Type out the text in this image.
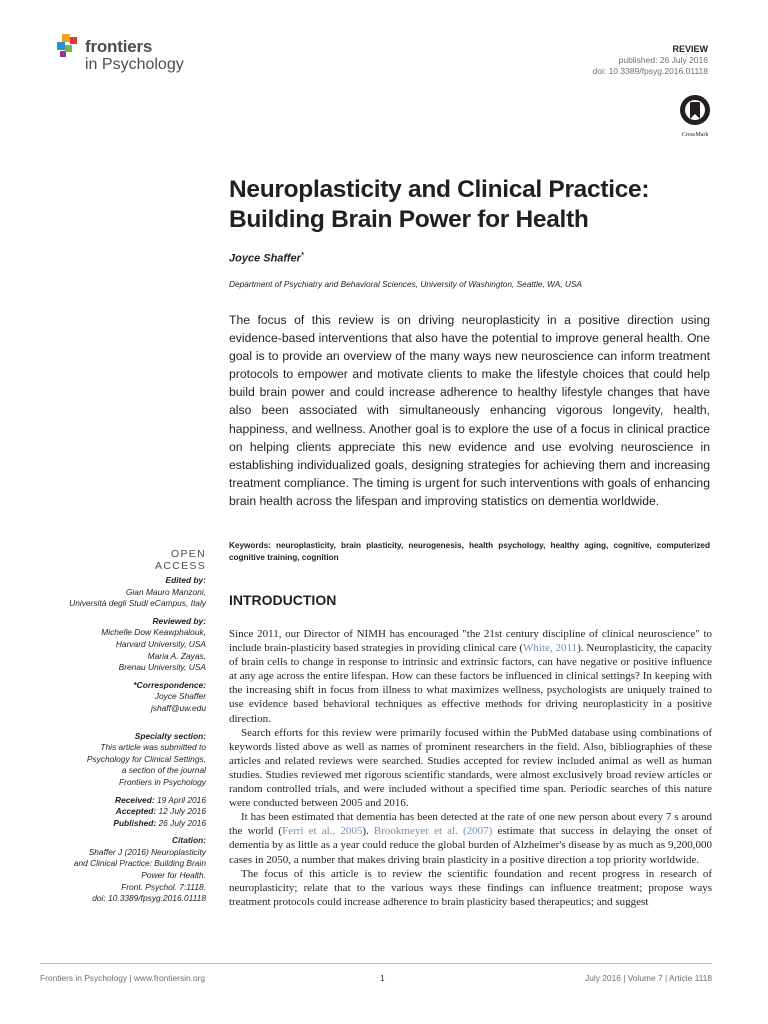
frontiers
in Psychology
REVIEW
published: 26 July 2016
doi: 10.3389/fpsyg.2016.01118
CrossMark
Neuroplasticity and Clinical Practice:
Building Brain Power for Health
Joyce Shaffer*
Department of Psychiatry and Behavioral Sciences, University of Washington, Seattle, WA, USA
The focus of this review is on driving neuroplasticity in a positive direction using evidence-based interventions that also have the potential to improve general health. One goal is to provide an overview of the many ways new neuroscience can inform treatment protocols to empower and motivate clients to make the lifestyle choices that could help build brain power and could increase adherence to healthy lifestyle changes that have also been associated with simultaneously enhancing vigorous longevity, health, happiness, and wellness. Another goal is to explore the use of a focus in clinical practice on helping clients appreciate this new evidence and use evolving neuroscience in establishing individualized goals, designing strategies for achieving them and increasing treatment compliance. The timing is urgent for such interventions with goals of enhancing brain health across the lifespan and improving statistics on dementia worldwide.
Keywords: neuroplasticity, brain plasticity, neurogenesis, health psychology, healthy aging, cognitive, computerized cognitive training, cognition
OPEN ACCESS
Edited by:
Gian Mauro Manzoni,
Università degli Studi eCampus, Italy
Reviewed by:
Michelle Dow Keawphalouk,
Harvard University, USA
Maria A. Zayas,
Brenau University, USA
*Correspondence:
Joyce Shaffer
jshaff@uw.edu
Specialty section:
This article was submitted to
Psychology for Clinical Settings,
a section of the journal
Frontiers in Psychology
Received: 19 April 2016
Accepted: 12 July 2016
Published: 26 July 2016
Citation:
Shaffer J (2016) Neuroplasticity
and Clinical Practice: Building Brain
Power for Health.
Front. Psychol. 7:1118.
doi: 10.3389/fpsyg.2016.01118
INTRODUCTION

Since 2011, our Director of NIMH has encouraged "the 21st century discipline of clinical neuroscience" to include brain-plasticity based strategies in providing clinical care (White, 2011). Neuroplasticity, the capacity of brain cells to change in response to intrinsic and extrinsic factors, can have negative or positive influence at any age across the entire lifespan. How can these factors be influenced in clinical settings? In keeping with the increasing shift in focus from illness to what maximizes wellness, psychologists are uniquely trained to use evidence based behavioral techniques as effective methods for driving neuroplasticity in a positive direction.

Search efforts for this review were primarily focused within the PubMed database using combinations of keywords listed above as well as names of prominent researchers in the field. Also, bibliographies of these articles and related reviews were searched. Studies accepted for review included animal as well as human studies. Studies reviewed met rigorous scientific standards, were almost exclusively broad review articles or random controlled trials, and were included without a specified time span. Periodic searches of this nature were conducted between 2005 and 2016.

It has been estimated that dementia has been detected at the rate of one new person about every 7 s around the world (Ferri et al., 2005). Brookmeyer et al. (2007) estimate that success in delaying the onset of dementia by as little as a year could reduce the global burden of Alzheimer's disease by as much as 9,200,000 cases in 2050, a number that makes driving brain plasticity in a positive direction a top priority worldwide.

The focus of this article is to review the scientific foundation and recent progress in research of neuroplasticity; relate that to the various ways these findings can influence treatment; propose ways treatment protocols could increase adherence to brain plasticity based therapeutics; and suggest

Frontiers in Psychology | www.frontiersin.org	1	July 2016 | Volume 7 | Article 1118
